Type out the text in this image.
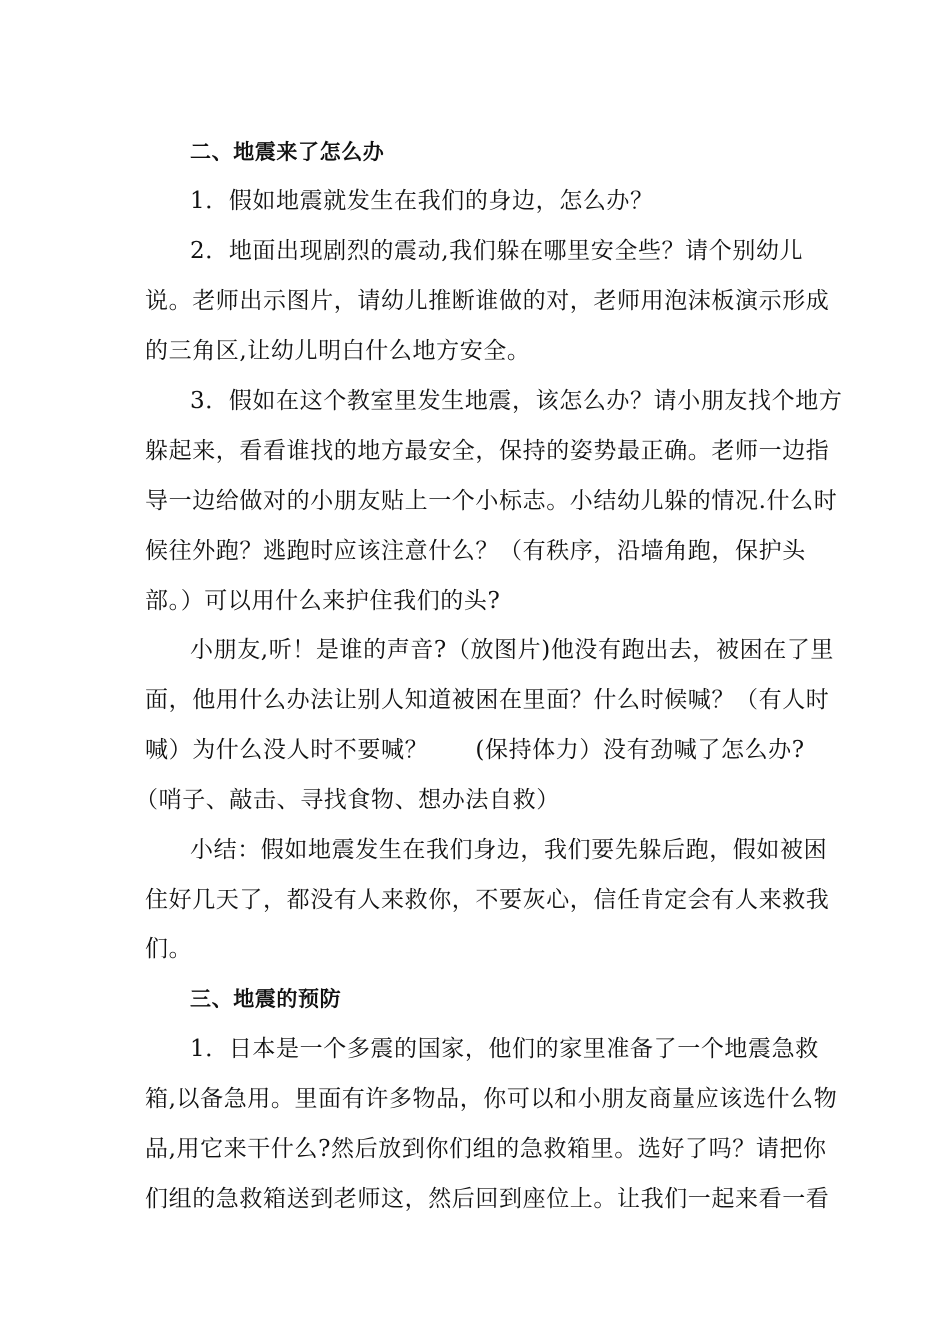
二、地震来了怎么办
1．假如地震就发生在我们的身边，怎么办？
2．地面出现剧烈的震动,我们躲在哪里安全些？请个别幼儿
说。老师出示图片，请幼儿推断谁做的对，老师用泡沫板演示形成
的三角区,让幼儿明白什么地方安全。
3．假如在这个教室里发生地震，该怎么办？请小朋友找个地方
躲起来，看看谁找的地方最安全，保持的姿势最正确。老师一边指
导一边给做对的小朋友贴上一个小标志。小结幼儿躲的情况.什么时
候往外跑？逃跑时应该注意什么？（有秩序，沿墙角跑，保护头
部。）可以用什么来护住我们的头?
小朋友,听！是谁的声音?（放图片)他没有跑出去，被困在了里
面，他用什么办法让别人知道被困在里面？什么时候喊？（有人时
喊）为什么没人时不要喊？　　(保持体力）没有劲喊了怎么办?
（哨子、敲击、寻找食物、想办法自救）
小结：假如地震发生在我们身边，我们要先躲后跑，假如被困
住好几天了，都没有人来救你，不要灰心，信任肯定会有人来救我
们。
三、地震的预防
1．日本是一个多震的国家，他们的家里准备了一个地震急救
箱,以备急用。里面有许多物品，你可以和小朋友商量应该选什么物
品,用它来干什么?然后放到你们组的急救箱里。选好了吗？请把你
们组的急救箱送到老师这，然后回到座位上。让我们一起来看一看
